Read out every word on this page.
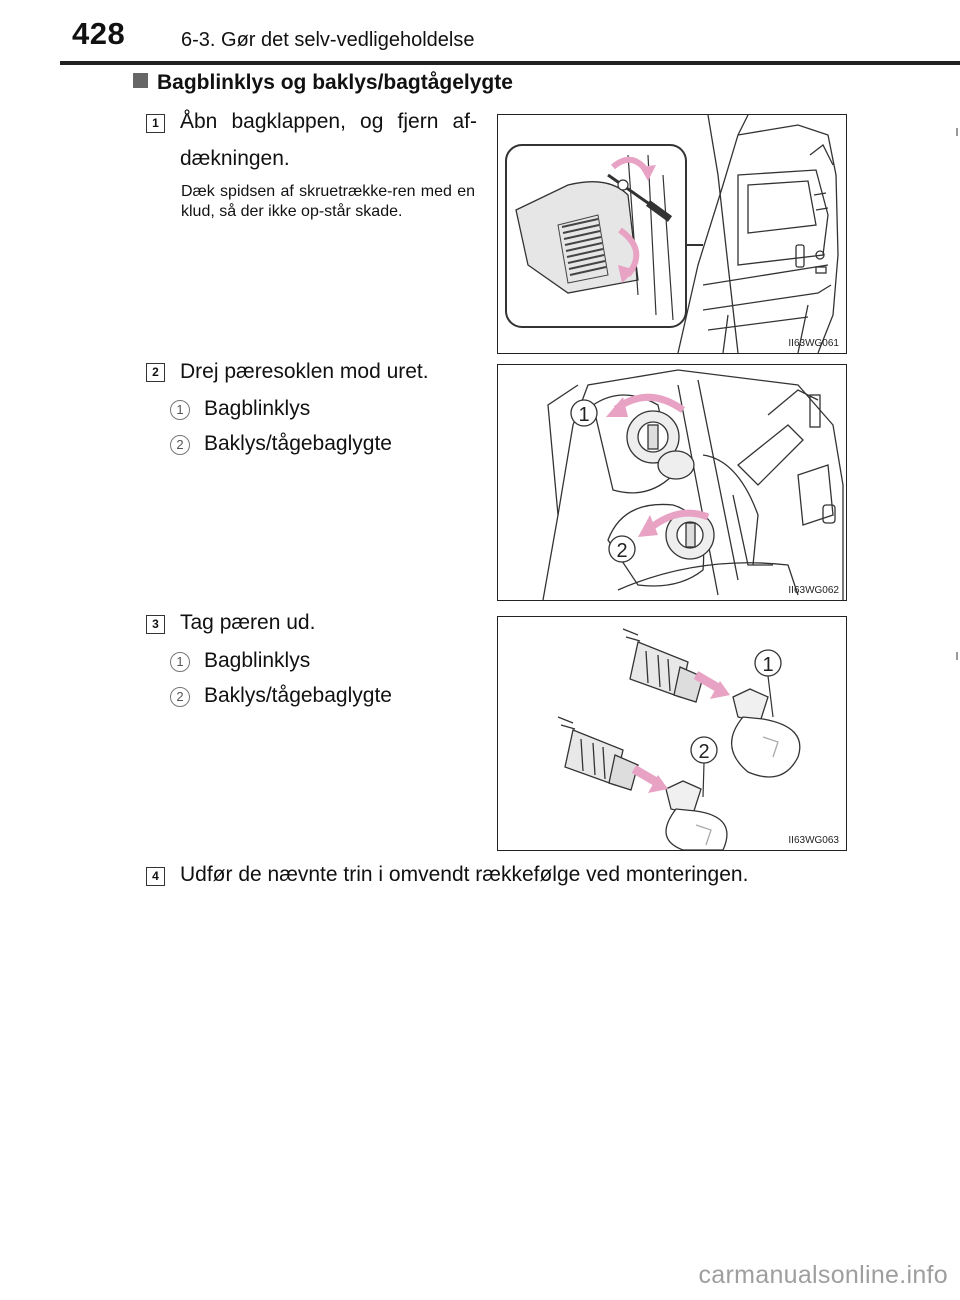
428	6-3. Gør det selv-vedligeholdelse
Bagblinklys og baklys/bagtågelygte
1 Åbn bagklappen, og fjern af-
dækningen.
Dæk spidsen af skruetrække-ren med en klud, så der ikke op-står skade.
II63WG061
2 Drej pæresoklen mod uret.
1 Bagblinklys
2 Baklys/tågebaglygte
1
2
II63WG062
3 Tag pæren ud.
1 Bagblinklys
2 Baklys/tågebaglygte
1
2
II63WG063
4 Udfør de nævnte trin i omvendt rækkefølge ved monteringen.
carmanualsonline.info
